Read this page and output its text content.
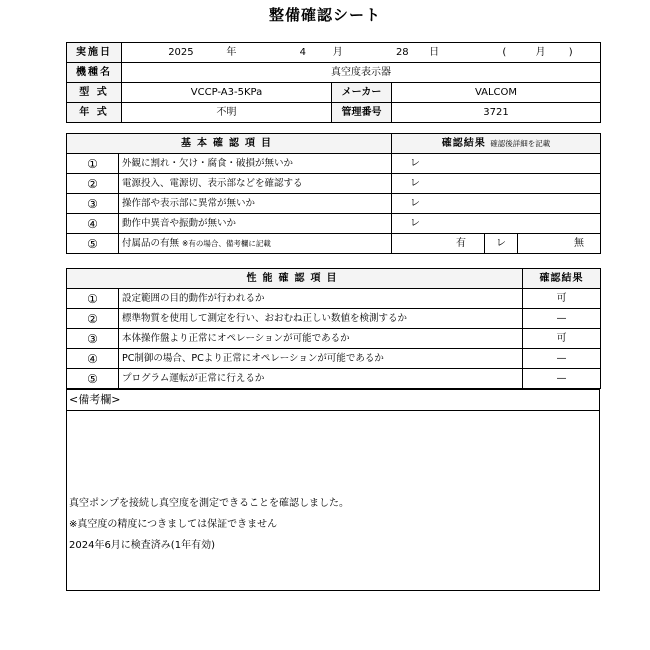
整備確認シート
実施日	2025 年 4 月 28 日 ( 月 )		
機種名	真空度表示器		
型 式	VCCP-A3-5KPa	メーカー	VALCOM
年 式	不明	管理番号	3721
基本確認項目		確認結果 確認後詳細を記載		
①	外観に割れ・欠け・腐食・破損が無いか	レ		
②	電源投入、電源切、表示部などを確認する	レ		
③	操作部や表示部に異常が無いか	レ		
④	動作中異音や振動が無いか	レ		
⑤	付属品の有無 ※有の場合、備考欄に記載	有	レ	無
性能確認項目		確認結果
①	設定範囲の目的動作が行われるか	可
②	標準物質を使用して測定を行い、おおむね正しい数値を検測するか	—
③	本体操作盤より正常にオペレーションが可能であるか	可
④	PC制御の場合、PCより正常にオペレーションが可能であるか	—
⑤	プログラム運転が正常に行えるか	—
<備考欄>
真空ポンプを接続し真空度を測定できることを確認しました。
※真空度の精度につきましては保証できません
2024年6月に検査済み(1年有効)
